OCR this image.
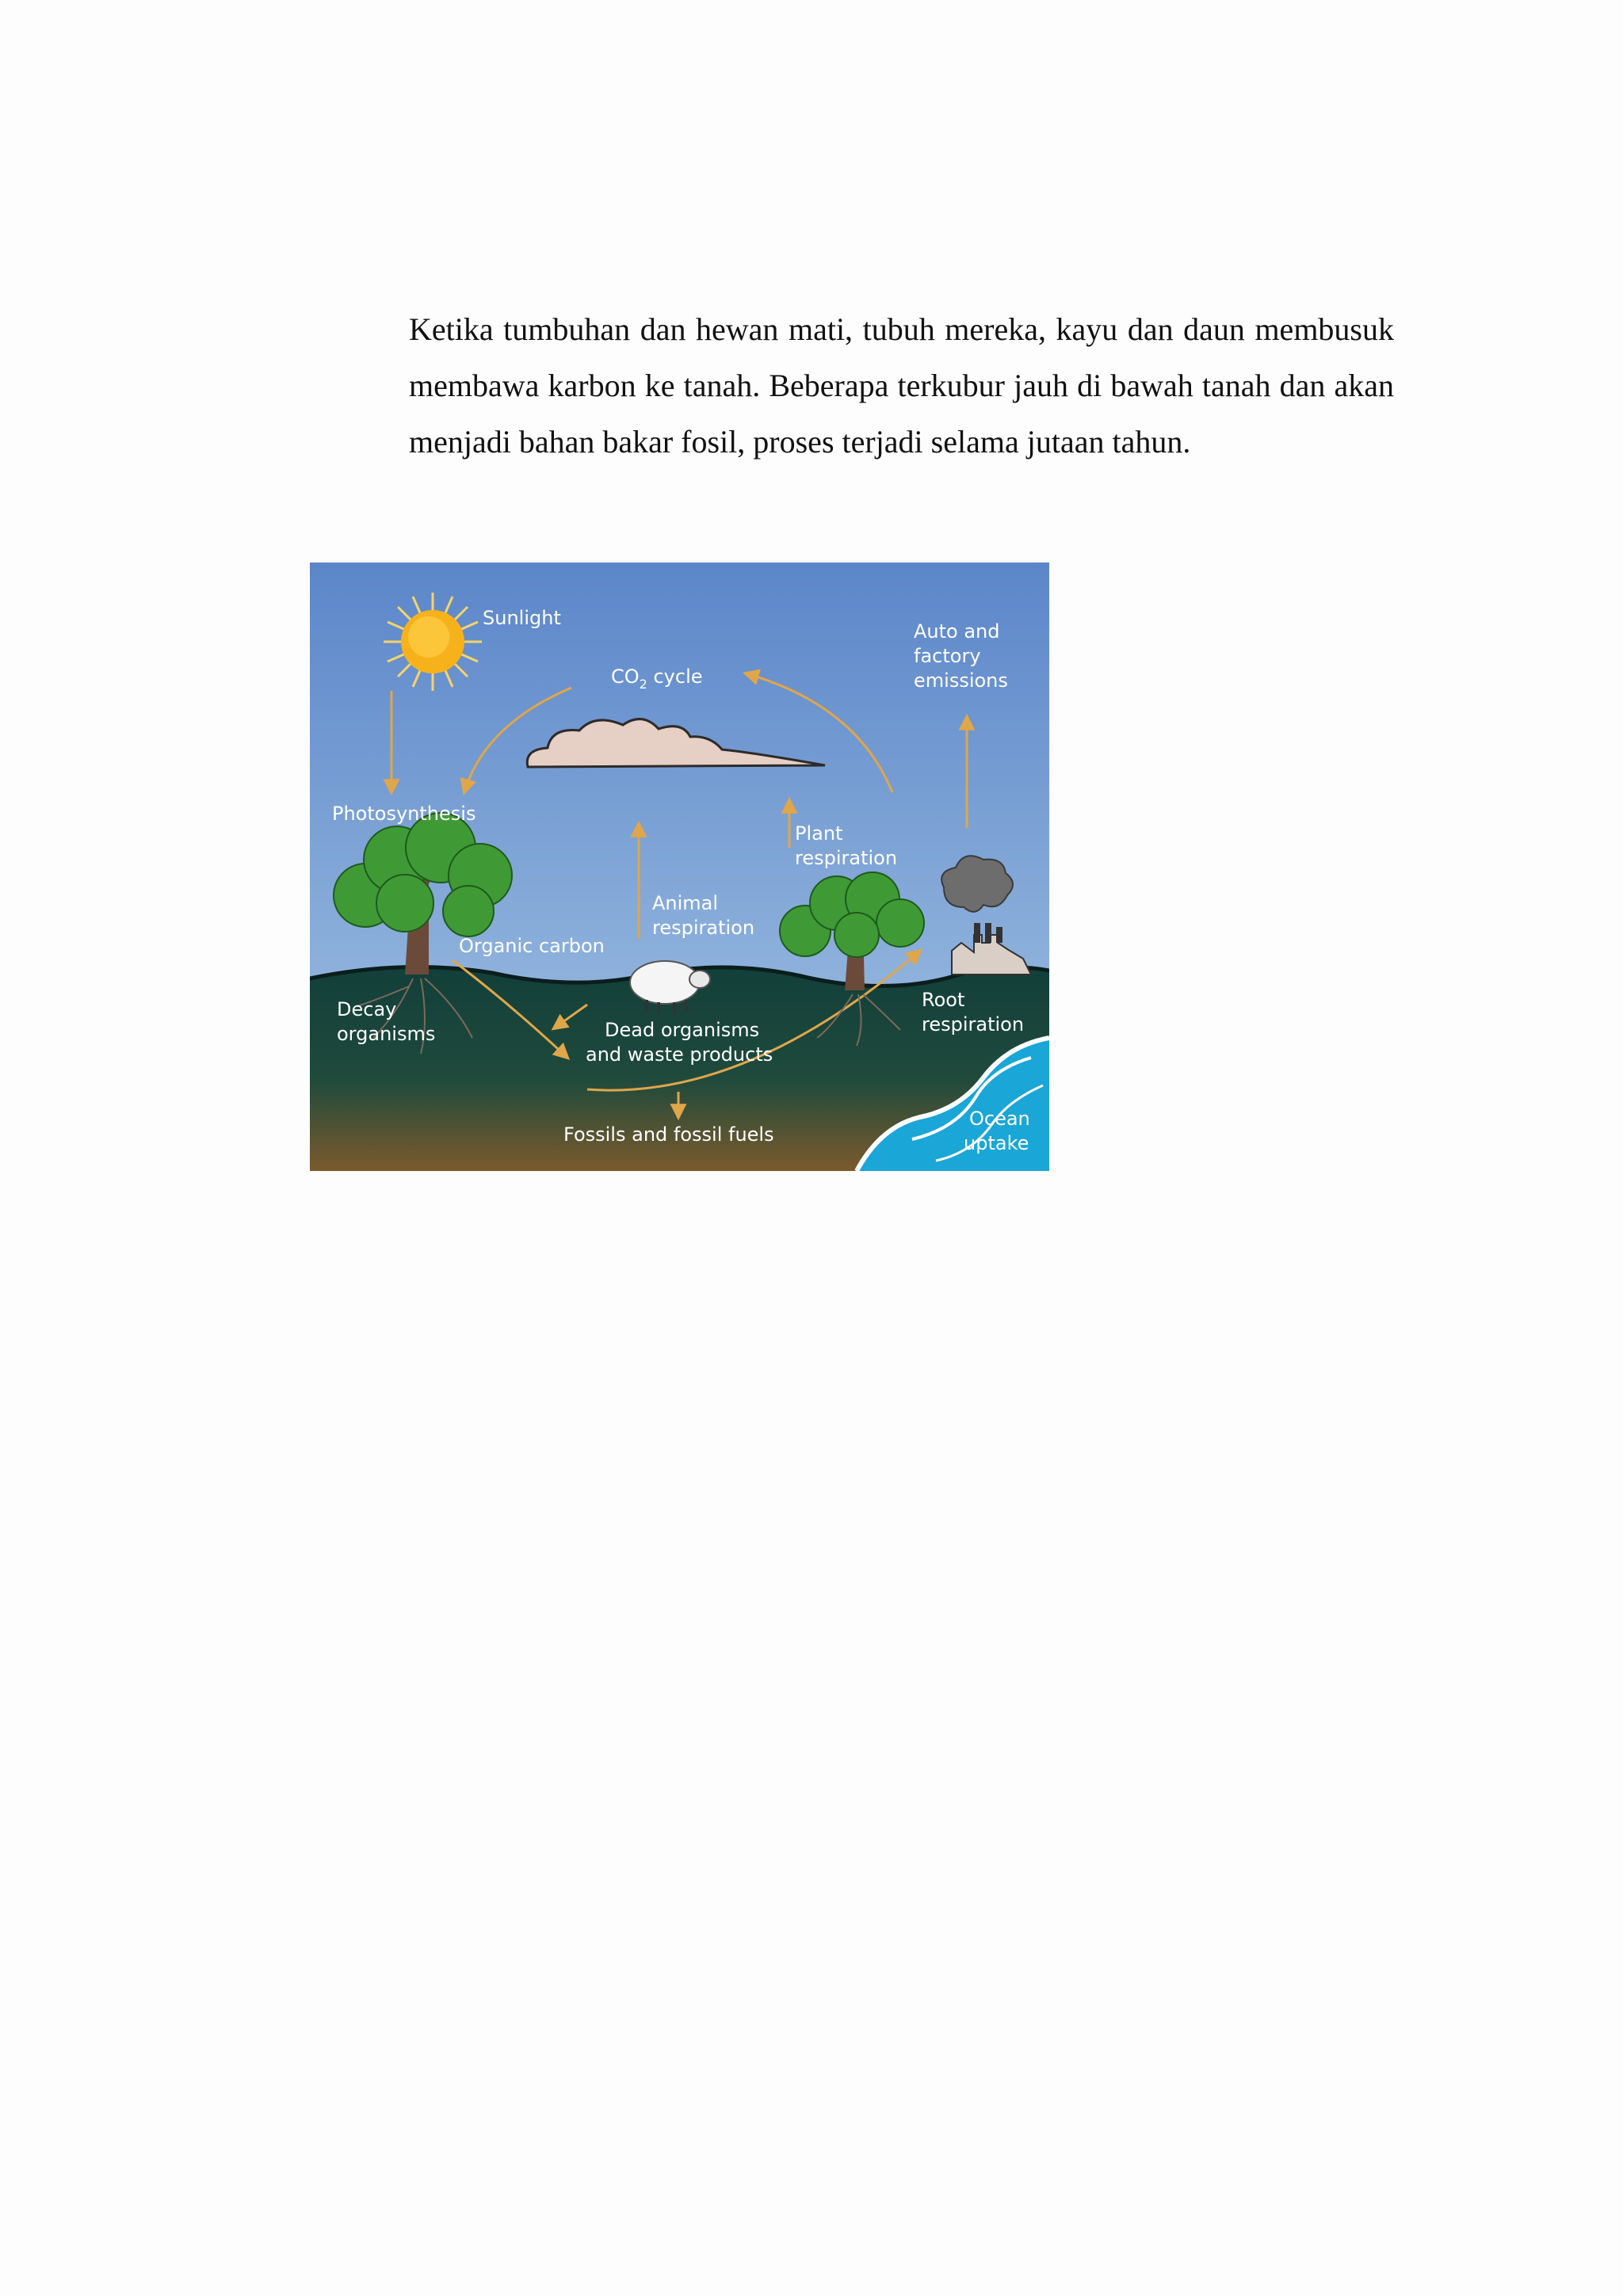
Ketika tumbuhan dan hewan mati, tubuh mereka, kayu dan daun membusuk membawa karbon ke tanah. Beberapa terkubur jauh di bawah tanah dan akan menjadi bahan bakar fosil, proses terjadi selama jutaan tahun.

Sunlight
$CO_2$ cycle
Auto and
factory
emissions
Photosynthesis
Plant
respiration
Animal
respiration
Organic carbon
Decay
organisms	Dead organisms
and waste products
Root
respiration
Fossils and fossil fuels
Ocean
uptake
